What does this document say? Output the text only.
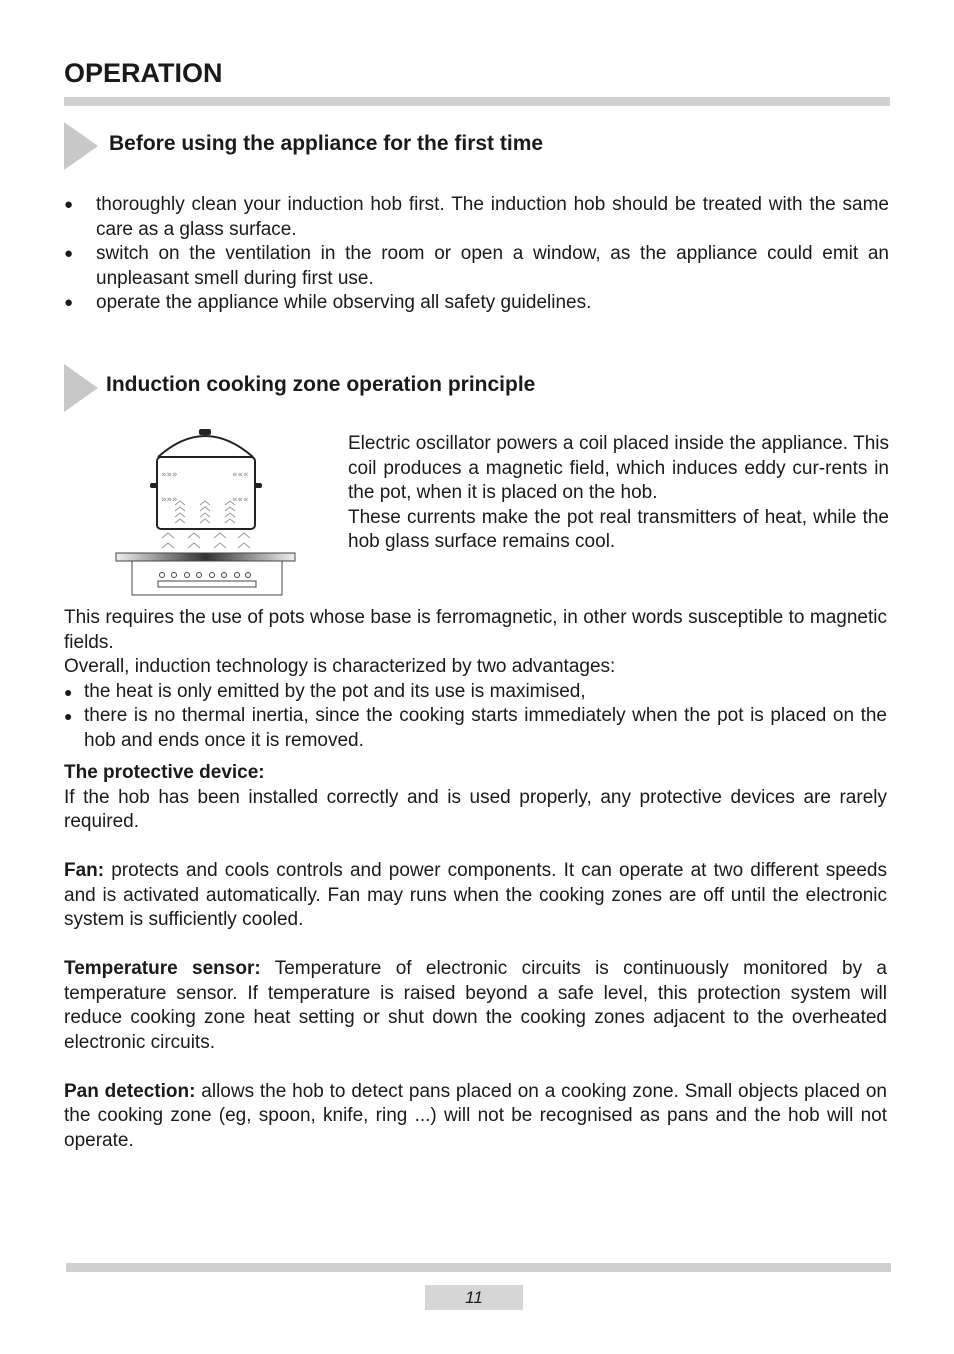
OPERATION
Before using the appliance for the first time
● thoroughly clean your induction hob first. The induction hob should be treated with the same care as a glass surface.
● switch on the ventilation in the room or open a window, as the appliance could emit an unpleasant smell during first use.
● operate the appliance while observing all safety guidelines.
Induction cooking zone operation principle
»»»	«««
»»»	«««

Electric oscillator powers a coil placed inside the appliance. This coil produces a magnetic field, which induces eddy cur-rents in the pot, when it is placed on the hob.

These currents make the pot real transmitters of heat, while the hob glass surface remains cool.

This requires the use of pots whose base is ferromagnetic, in other words susceptible to magnetic fields.

Overall, induction technology is characterized by two advantages:

● the heat is only emitted by the pot and its use is maximised,
● there is no thermal inertia, since the cooking starts immediately when the pot is placed on the hob and ends once it is removed.

The protective device:

If the hob has been installed correctly and is used properly, any protective devices are rarely required.

Fan: protects and cools controls and power components. It can operate at two different speeds and is activated automatically. Fan may runs when the cooking zones are off until the electronic system is sufficiently cooled.

Temperature sensor: Temperature of electronic circuits is continuously monitored by a temperature sensor. If temperature is raised beyond a safe level, this protection system will reduce cooking zone heat setting or shut down the cooking zones adjacent to the overheated electronic circuits.

Pan detection: allows the hob to detect pans placed on a cooking zone. Small objects placed on the cooking zone (eg, spoon, knife, ring ...) will not be recognised as pans and the hob will not operate.

11
